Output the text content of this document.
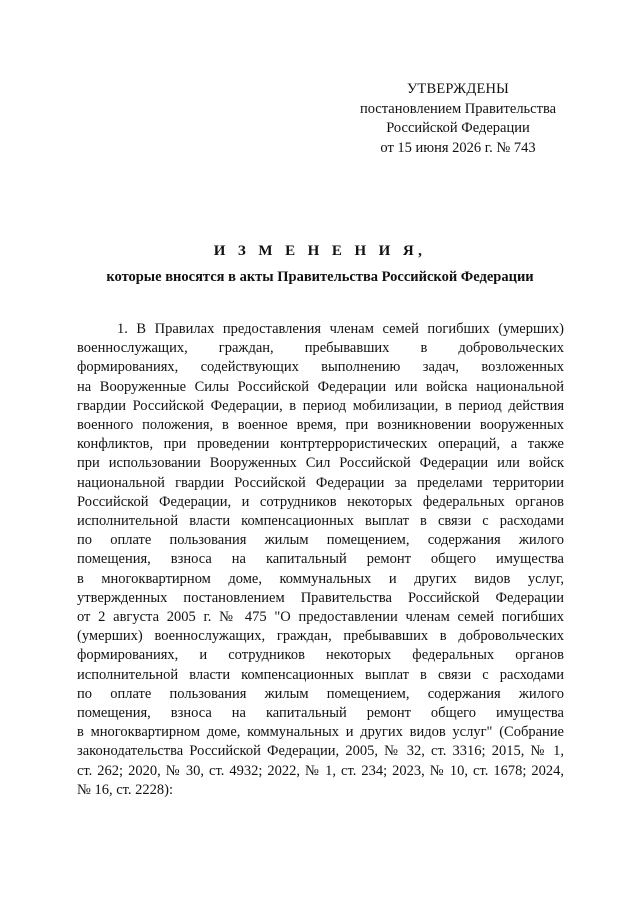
УТВЕРЖДЕНЫ
постановлением Правительства
Российской Федерации
от 15 июня 2026 г. № 743
И З М Е Н Е Н И Я,
которые вносятся в акты Правительства Российской Федерации
1. В Правилах предоставления членам семей погибших (умерших)
военнослужащих, граждан, пребывавших в добровольческих
формированиях, содействующих выполнению задач, возложенных
на Вооруженные Силы Российской Федерации или войска национальной
гвардии Российской Федерации, в период мобилизации, в период действия
военного положения, в военное время, при возникновении вооруженных
конфликтов, при проведении контртеррористических операций, а также
при использовании Вооруженных Сил Российской Федерации или войск
национальной гвардии Российской Федерации за пределами территории
Российской Федерации, и сотрудников некоторых федеральных органов
исполнительной власти компенсационных выплат в связи с расходами
по оплате пользования жилым помещением, содержания жилого
помещения, взноса на капитальный ремонт общего имущества
в многоквартирном доме, коммунальных и других видов услуг,
утвержденных постановлением Правительства Российской Федерации
от 2 августа 2005 г. № 475 "О предоставлении членам семей погибших
(умерших) военнослужащих, граждан, пребывавших в добровольческих
формированиях, и сотрудников некоторых федеральных органов
исполнительной власти компенсационных выплат в связи с расходами
по оплате пользования жилым помещением, содержания жилого
помещения, взноса на капитальный ремонт общего имущества
в многоквартирном доме, коммунальных и других видов услуг" (Собрание
законодательства Российской Федерации, 2005, № 32, ст. 3316; 2015, № 1,
ст. 262; 2020, № 30, ст. 4932; 2022, № 1, ст. 234; 2023, № 10, ст. 1678; 2024,
№ 16, ст. 2228):
